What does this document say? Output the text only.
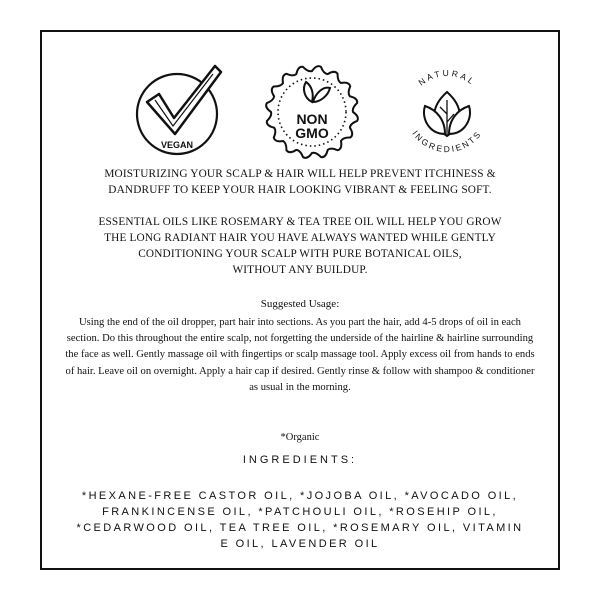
VEGAN
NON
GMO
NATURAL
INGREDIENTS
MOISTURIZING YOUR SCALP & HAIR WILL HELP PREVENT ITCHINESS &
DANDRUFF TO KEEP YOUR HAIR LOOKING VIBRANT & FEELING SOFT.
ESSENTIAL OILS LIKE ROSEMARY & TEA TREE OIL WILL HELP YOU GROW
THE LONG RADIANT HAIR YOU HAVE ALWAYS WANTED WHILE GENTLY
CONDITIONING YOUR SCALP WITH PURE BOTANICAL OILS,
WITHOUT ANY BUILDUP.
Suggested Usage:
Using the end of the oil dropper, part hair into sections. As you part the hair, add 4-5 drops of oil in each section. Do this throughout the entire scalp, not forgetting the underside of the hairline & hairline surrounding the face as well. Gently massage oil with fingertips or scalp massage tool. Apply excess oil from hands to ends of hair. Leave oil on overnight. Apply a hair cap if desired. Gently rinse & follow with shampoo & conditioner as usual in the morning.
*Organic
INGREDIENTS:
*HEXANE-FREE CASTOR OIL, *JOJOBA OIL, *AVOCADO OIL, FRANKINCENSE OIL, *PATCHOULI OIL, *ROSEHIP OIL, *CEDARWOOD OIL, TEA TREE OIL, *ROSEMARY OIL, VITAMIN E OIL, LAVENDER OIL
